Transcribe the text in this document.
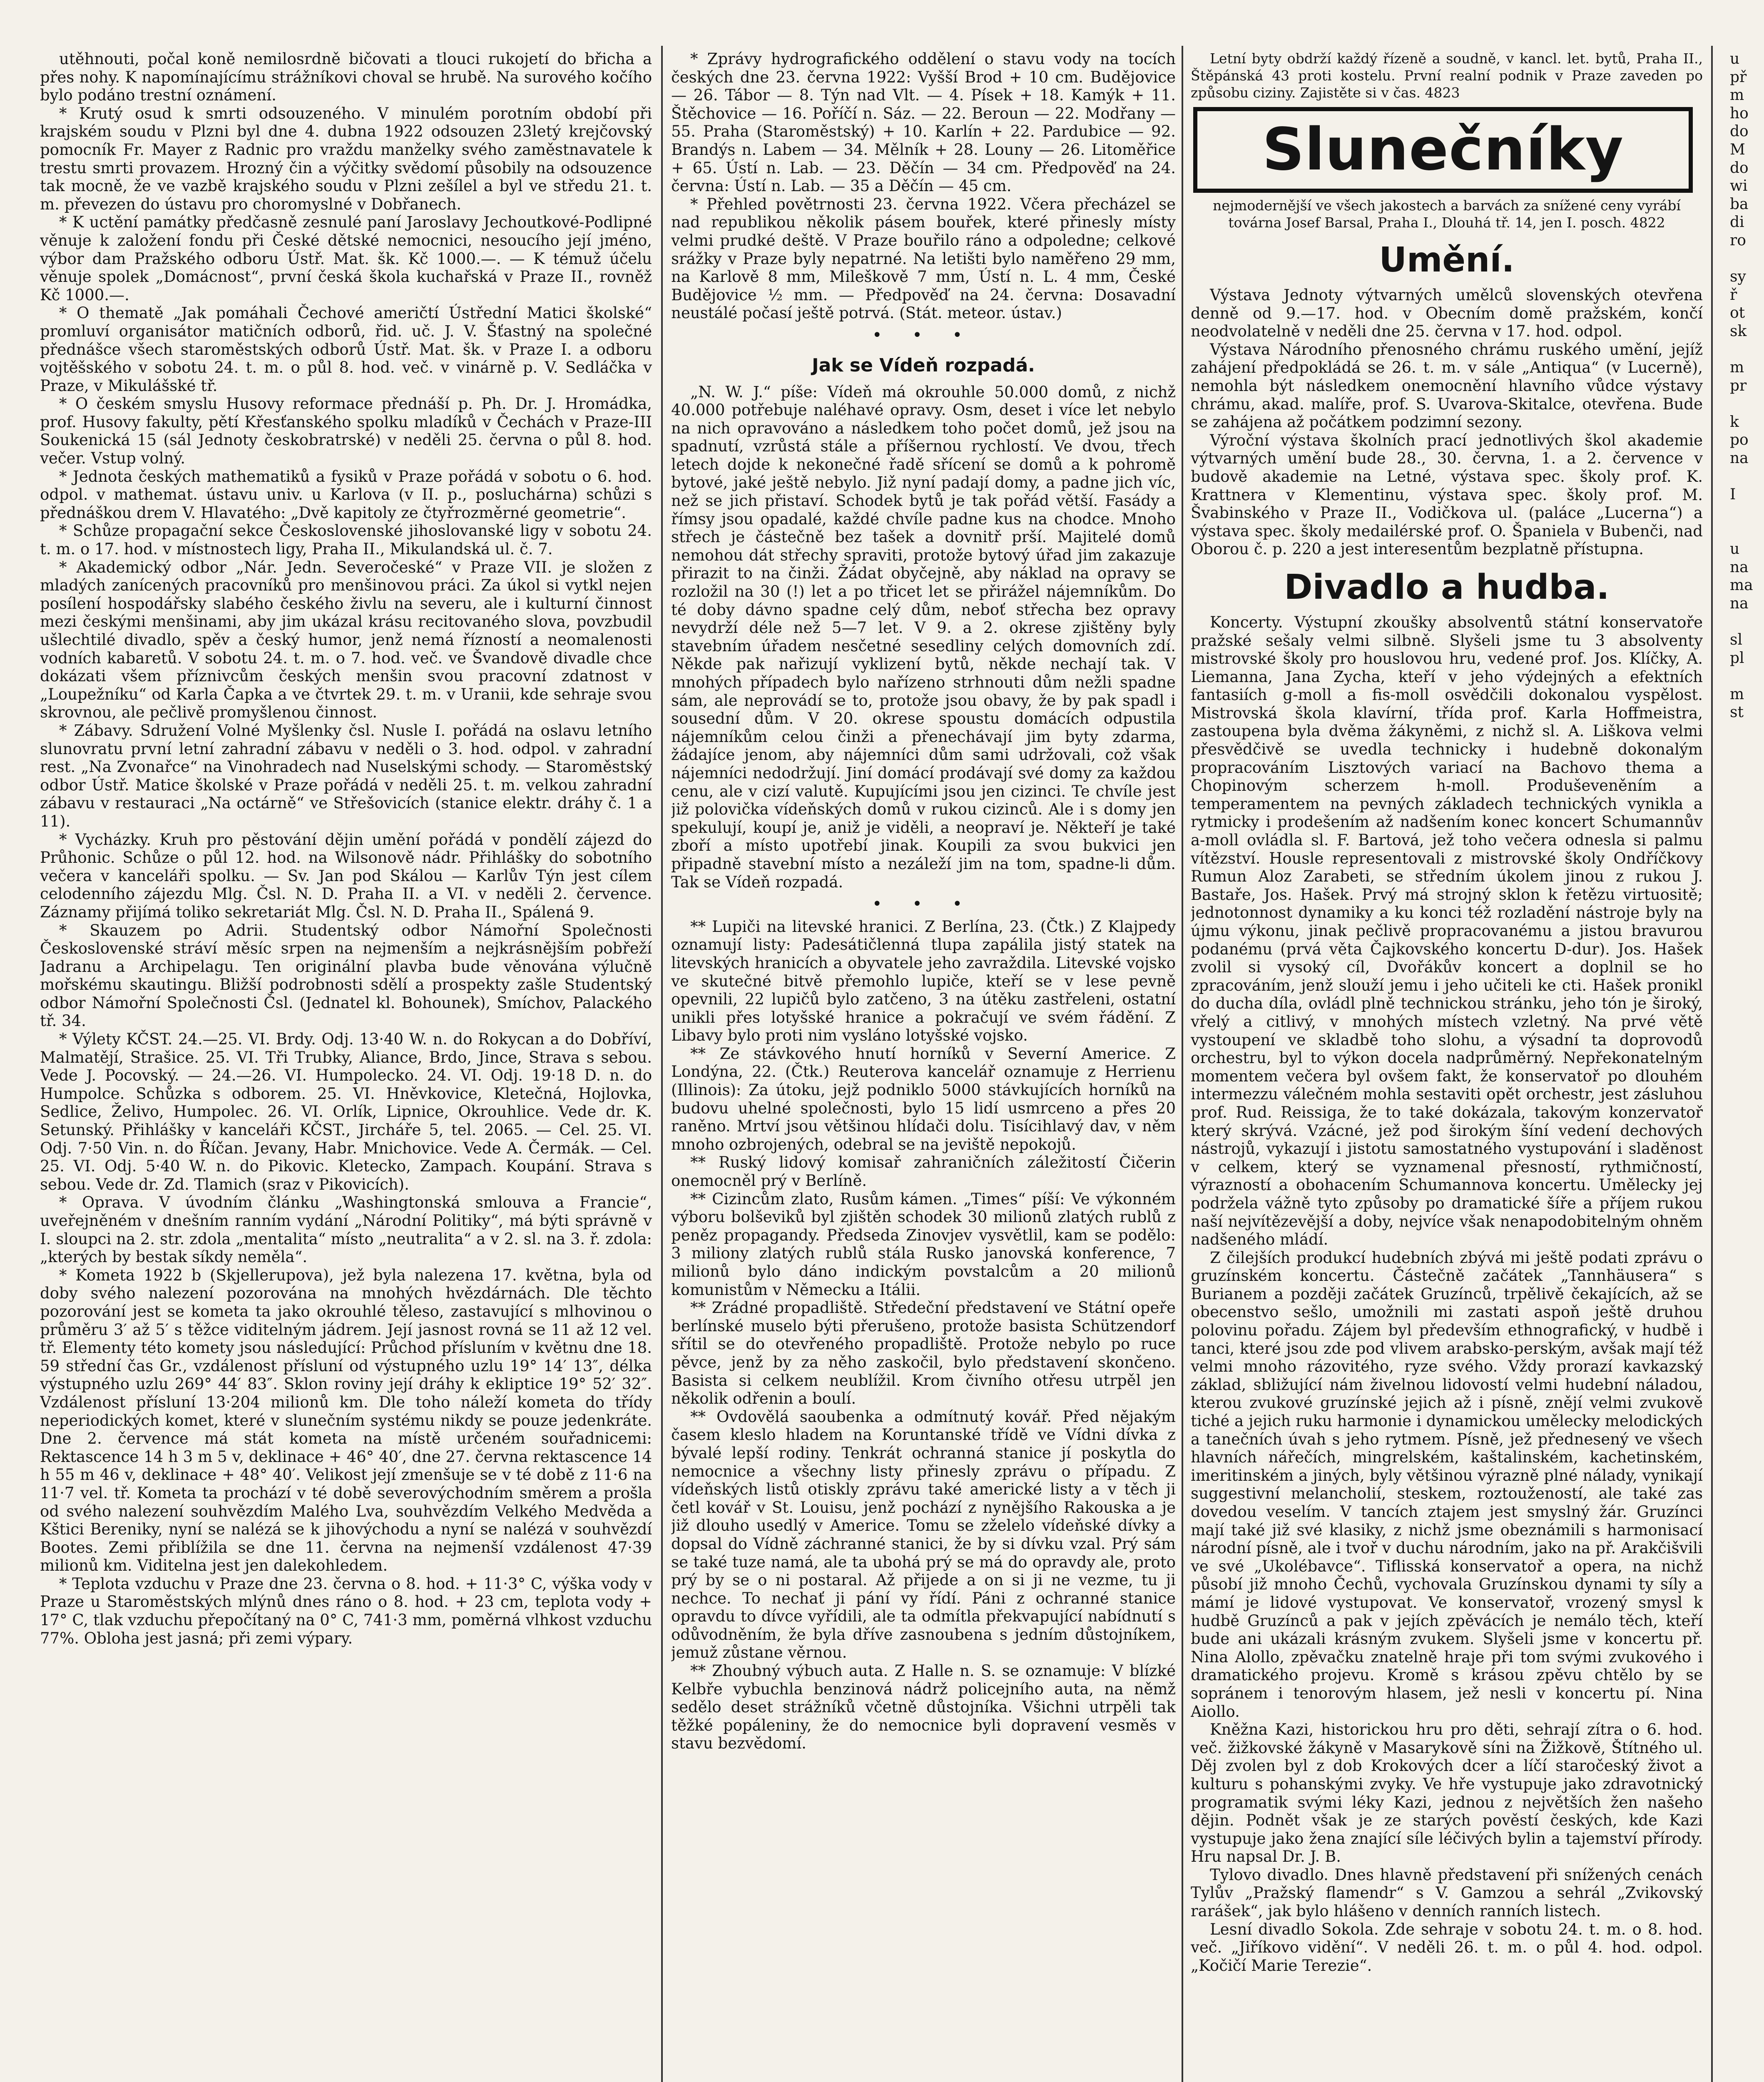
utěhnouti, počal koně nemilosrdně bičovati a tlouci rukojetí do břicha a přes nohy. K napomínajícímu strážníkovi choval se hrubě. Na surového kočího bylo podáno trestní oznámení.

* Krutý osud k smrti odsouzeného. V minulém porotním období při krajském soudu v Plzni byl dne 4. dubna 1922 odsouzen 23letý krejčovský pomocník Fr. Mayer z Radnic pro vraždu manželky svého zaměstnavatele k trestu smrti provazem. Hrozný čin a výčitky svědomí působily na odsouzence tak mocně, že ve vazbě krajského soudu v Plzni zešílel a byl ve středu 21. t. m. převezen do ústavu pro choromyslné v Dobřanech.

* K uctění památky předčasně zesnulé paní Jaroslavy Jechoutkové-Podlipné věnuje k založení fondu při České dětské nemocnici, nesoucího její jméno, výbor dam Pražského odboru Ústř. Mat. šk. Kč 1000.—. — K témuž účelu věnuje spolek „Domácnost“, první česká škola kuchařská v Praze II., rovněž Kč 1000.—.

* O thematě „Jak pomáhali Čechové američtí Ústřední Matici školské“ promluví organisátor matičních odborů, řid. uč. J. V. Šťastný na společné přednášce všech staroměstských odborů Ústř. Mat. šk. v Praze I. a odboru vojtěšského v sobotu 24. t. m. o půl 8. hod. več. v vinárně p. V. Sedláčka v Praze, v Mikulášské tř.

* O českém smyslu Husovy reformace přednáší p. Ph. Dr. J. Hromádka, prof. Husovy fakulty, pětí Křesťanského spolku mladíků v Čechách v Praze-III Soukenická 15 (sál Jednoty českobratrské) v neděli 25. června o půl 8. hod. večer. Vstup volný.

* Jednota českých mathematiků a fysiků v Praze pořádá v sobotu o 6. hod. odpol. v mathemat. ústavu univ. u Karlova (v II. p., posluchárna) schůzi s přednáškou drem V. Hlavatého: „Dvě kapitoly ze čtyřrozměrné geometrie“.

* Schůze propagační sekce Československé jihoslovanské ligy v sobotu 24. t. m. o 17. hod. v místnostech ligy, Praha II., Mikulandská ul. č. 7.

* Akademický odbor „Nár. Jedn. Severočeské“ v Praze VII. je složen z mladých zanícených pracovníků pro menšinovou práci. Za úkol si vytkl nejen posílení hospodářsky slabého českého živlu na severu, ale i kulturní činnost mezi českými menšinami, aby jim ukázal krásu recitovaného slova, povzbudil ušlechtilé divadlo, spěv a český humor, jenž nemá řízností a neomalenosti vodních kabaretů. V sobotu 24. t. m. o 7. hod. več. ve Švandově divadle chce dokázati všem příznivcům českých menšin svou pracovní zdatnost v „Loupežníku“ od Karla Čapka a ve čtvrtek 29. t. m. v Uranii, kde sehraje svou skrovnou, ale pečlivě promyšlenou činnost.

* Zábavy. Sdružení Volné Myšlenky čsl. Nusle I. pořádá na oslavu letního slunovratu první letní zahradní zábavu v neděli o 3. hod. odpol. v zahradní rest. „Na Zvonařce“ na Vinohradech nad Nuselskými schody. — Staroměstský odbor Ústř. Matice školské v Praze pořádá v neděli 25. t. m. velkou zahradní zábavu v restauraci „Na octárně“ ve Střešovicích (stanice elektr. dráhy č. 1 a 11).

* Vycházky. Kruh pro pěstování dějin umění pořádá v pondělí zájezd do Průhonic. Schůze o půl 12. hod. na Wilsonově nádr. Přihlášky do sobotního večera v kanceláři spolku. — Sv. Jan pod Skálou — Karlův Týn jest cílem celodenního zájezdu Mlg. Čsl. N. D. Praha II. a VI. v neděli 2. července. Záznamy přijímá toliko sekretariát Mlg. Čsl. N. D. Praha II., Spálená 9.

* Skauzem po Adrii. Studentský odbor Námořní Společnosti Československé stráví měsíc srpen na nejmenším a nejkrásnějším pobřeží Jadranu a Archipelagu. Ten originální plavba bude věnována výlučně mořskému skautingu. Bližší podrobnosti sdělí a prospekty zašle Studentský odbor Námořní Společnosti Čsl. (Jednatel kl. Bohounek), Smíchov, Palackého tř. 34.

* Výlety KČST. 24.—25. VI. Brdy. Odj. 13·40 W. n. do Rokycan a do Dobříví, Malmatějí, Strašice. 25. VI. Tři Trubky, Aliance, Brdo, Jince, Strava s sebou. Vede J. Pocovský. — 24.—26. VI. Humpolecko. 24. VI. Odj. 19·18 D. n. do Humpolce. Schůzka s odborem. 25. VI. Hněvkovice, Kletečná, Hojlovka, Sedlice, Želivo, Humpolec. 26. VI. Orlík, Lipnice, Okrouhlice. Vede dr. K. Setunský. Přihlášky v kanceláři KČST., Jircháře 5, tel. 2065. — Cel. 25. VI. Odj. 7·50 Vin. n. do Říčan. Jevany, Habr. Mnichovice. Vede A. Čermák. — Cel. 25. VI. Odj. 5·40 W. n. do Pikovic. Kletecko, Zampach. Koupání. Strava s sebou. Vede dr. Zd. Tlamich (sraz v Pikovicích).

* Oprava. V úvodním článku „Washingtonská smlouva a Francie“, uveřejněném v dnešním ranním vydání „Národní Politiky“, má býti správně v I. sloupci na 2. str. zdola „mentalita“ místo „neutralita“ a v 2. sl. na 3. ř. zdola: „kterých by bestak síkdy neměla“.

* Kometa 1922 b (Skjellerupova), jež byla nalezena 17. května, byla od doby svého nalezení pozorována na mnohých hvězdárnách. Dle těchto pozorování jest se kometa ta jako okrouhlé těleso, zastavující s mlhovinou o průměru 3′ až 5′ s těžce viditelným jádrem. Její jasnost rovná se 11 až 12 vel. tř. Elementy této komety jsou následující: Průchod přísluním v květnu dne 18. 59 střední čas Gr., vzdálenost přísluní od výstupného uzlu 19° 14′ 13″, délka výstupného uzlu 269° 44′ 83″. Sklon roviny její dráhy k ekliptice 19° 52′ 32″. Vzdálenost přísluní 13·204 milionů km. Dle toho náleží kometa do třídy neperiodických komet, které v slunečním systému nikdy se pouze jedenkráte. Dne 2. července má stát kometa na místě určeném souřadnicemi: Rektascence 14 h 3 m 5 v, deklinace + 46° 40′, dne 27. června rektascence 14 h 55 m 46 v, deklinace + 48° 40′. Velikost její zmenšuje se v té době z 11·6 na 11·7 vel. tř. Kometa ta prochází v té době severovýchodním směrem a prošla od svého nalezení souhvězdím Malého Lva, souhvězdím Velkého Medvěda a Kštici Bereniky, nyní se nalézá se k jihovýchodu a nyní se nalézá v souhvězdí Bootes. Zemi přiblížila se dne 11. června na nejmenší vzdálenost 47·39 milionů km. Viditelna jest jen dalekohledem.

* Teplota vzduchu v Praze dne 23. června o 8. hod. + 11·3° C, výška vody v Praze u Staroměstských mlýnů dnes ráno o 8. hod. + 23 cm, teplota vody + 17° C, tlak vzduchu přepočítaný na 0° C, 741·3 mm, poměrná vlhkost vzduchu 77%. Obloha jest jasná; při zemi výpary.

* Zprávy hydrografického oddělení o stavu vody na tocích českých dne 23. června 1922: Vyšší Brod + 10 cm. Budějovice — 26. Tábor — 8. Týn nad Vlt. — 4. Písek + 18. Kamýk + 11. Štěchovice — 16. Poříčí n. Sáz. — 22. Beroun — 22. Modřany — 55. Praha (Staroměstský) + 10. Karlín + 22. Pardubice — 92. Brandýs n. Labem — 34. Mělník + 28. Louny — 26. Litoměřice + 65. Ústí n. Lab. — 23. Děčín — 34 cm. Předpověď na 24. června: Ústí n. Lab. — 35 a Děčín — 45 cm.

* Přehled povětrnosti 23. června 1922. Včera přecházel se nad republikou několik pásem bouřek, které přinesly místy velmi prudké deště. V Praze bouřilo ráno a odpoledne; celkové srážky v Praze byly nepatrné. Na letišti bylo naměřeno 29 mm, na Karlově 8 mm, Mileškově 7 mm, Ústí n. L. 4 mm, České Budějovice ½ mm. — Předpověď na 24. června: Dosavadní neustálé počasí ještě potrvá. (Stát. meteor. ústav.)

• • •
Jak se Vídeň rozpadá.

„N. W. J.“ píše: Vídeň má okrouhle 50.000 domů, z nichž 40.000 potřebuje naléhavé opravy. Osm, deset i více let nebylo na nich opravováno a následkem toho počet domů, jež jsou na spadnutí, vzrůstá stále a příšernou rychlostí. Ve dvou, třech letech dojde k nekonečné řadě sřícení se domů a k pohromě bytové, jaké ještě nebylo. Již nyní padají domy, a padne jich víc, než se jich přistaví. Schodek bytů je tak pořád větší. Fasády a římsy jsou opadalé, každé chvíle padne kus na chodce. Mnoho střech je částečně bez tašek a dovnitř prší. Majitelé domů nemohou dát střechy spraviti, protože bytový úřad jim zakazuje přirazit to na činži. Žádat obyčejně, aby náklad na opravy se rozložil na 30 (!) let a po třicet let se přirážel nájemníkům. Do té doby dávno spadne celý dům, neboť střecha bez opravy nevydrží déle než 5—7 let. V 9. a 2. okrese zjištěny byly stavebním úřadem nesčetné sesedliny celých domovních zdí. Někde pak nařizují vyklizení bytů, někde nechají tak. V mnohých případech bylo nařízeno strhnouti dům nežli spadne sám, ale neprovádí se to, protože jsou obavy, že by pak spadl i sousední dům. V 20. okrese spoustu domácích odpustila nájemníkům celou činži a přenechávají jim byty zdarma, žádajíce jenom, aby nájemníci dům sami udržovali, což však nájemníci nedodržují. Jiní domácí prodávají své domy za každou cenu, ale v cizí valutě. Kupujícími jsou jen cizinci. Te chvíle jest již polovička vídeňských domů v rukou cizinců. Ale i s domy jen spekulují, koupí je, aniž je viděli, a neopraví je. Někteří je také zboří a místo upotřebí jinak. Koupili za svou bukvici jen připadně stavební místo a nezáleží jim na tom, spadne-li dům. Tak se Vídeň rozpadá.

• • •

** Lupiči na litevské hranici. Z Berlína, 23. (Čtk.) Z Klajpedy oznamují listy: Padesátičlenná tlupa zapálila jistý statek na litevských hranicích a obyvatele jeho zavraždila. Litevské vojsko ve skutečné bitvě přemohlo lupiče, kteří se v lese pevně opevnili, 22 lupičů bylo zatčeno, 3 na útěku zastřeleni, ostatní unikli přes lotyšské hranice a pokračují ve svém řádění. Z Libavy bylo proti nim vysláno lotyšské vojsko.

** Ze stávkového hnutí horníků v Severní Americe. Z Londýna, 22. (Čtk.) Reuterova kancelář oznamuje z Herrienu (Illinois): Za útoku, jejž podniklo 5000 stávkujících horníků na budovu uhelné společnosti, bylo 15 lidí usmrceno a přes 20 raněno. Mrtví jsou většinou hlídači dolu. Tisícihlavý dav, v něm mnoho ozbrojených, odebral se na jeviště nepokojů.

** Ruský lidový komisař zahraničních záležitostí Čičerin onemocněl prý v Berlíně.

** Cizincům zlato, Rusům kámen. „Times“ píší: Ve výkonném výboru bolševiků byl zjištěn schodek 30 milionů zlatých rublů z peněz propagandy. Předseda Zinovjev vysvětlil, kam se podělo: 3 miliony zlatých rublů stála Rusko janovská konference, 7 milionů bylo dáno indickým povstalcům a 20 milionů komunistům v Německu a Itálii.

** Zrádné propadliště. Středeční představení ve Státní opeře berlínské muselo býti přerušeno, protože basista Schützendorf sřítil se do otevřeného propadliště. Protože nebylo po ruce pěvce, jenž by za něho zaskočil, bylo představení skončeno. Basista si celkem neublížil. Krom čivního otřesu utrpěl jen několik odřenin a boulí.

** Ovdovělá saoubenka a odmítnutý kovář. Před nějakým časem kleslo hladem na Koruntanské třídě ve Vídni dívka z bývalé lepší rodiny. Tenkrát ochranná stanice jí poskytla do nemocnice a všechny listy přinesly zprávu o případu. Z vídeňských listů otiskly zprávu také americké listy a v těch ji četl kovář v St. Louisu, jenž pochází z nynějšího Rakouska a je již dlouho usedlý v Americe. Tomu se zželelo vídeňské dívky a dopsal do Vídně záchranné stanici, že by si dívku vzal. Prý sám se také tuze namá, ale ta ubohá prý se má do opravdy ale, proto prý by se o ni postaral. Až přijede a on si ji ne vezme, tu ji nechce. To nechať ji pání vy řídí. Páni z ochranné stanice opravdu to dívce vyřídili, ale ta odmítla překvapující nabídnutí s odůvodněním, že byla dříve zasnoubena s jedním důstojníkem, jemuž zůstane věrnou.

** Zhoubný výbuch auta. Z Halle n. S. se oznamuje: V blízké Kelbře vybuchla benzinová nádrž policejního auta, na němž sedělo deset strážníků včetně důstojníka. Všichni utrpěli tak těžké popáleniny, že do nemocnice byli dopravení vesměs v stavu bezvědomí.

Letní byty obdrží každý řízeně a soudně, v kancl. let. bytů, Praha II., Štěpánská 43 proti kostelu. První realní podnik v Praze zaveden po způsobu ciziny. Zajistěte si v čas. 4823

Slunečníky

nejmodernější ve všech jakostech a barvách za snížené ceny vyrábí továrna Josef Barsal, Praha I., Dlouhá tř. 14, jen I. posch. 4822

Umění.

Výstava Jednoty výtvarných umělců slovenských otevřena denně od 9.—17. hod. v Obecním domě pražském, končí neodvolatelně v neděli dne 25. června v 17. hod. odpol.

Výstava Národního přenosného chrámu ruského umění, jejíž zahájení předpokládá se 26. t. m. v sále „Antiqua“ (v Lucerně), nemohla být následkem onemocnění hlavního vůdce výstavy chrámu, akad. malíře, prof. S. Uvarova-Skitalce, otevřena. Bude se zahájena až počátkem podzimní sezony.

Výroční výstava školních prací jednotlivých škol akademie výtvarných umění bude 28., 30. června, 1. a 2. července v budově akademie na Letné, výstava spec. školy prof. K. Krattnera v Klementinu, výstava spec. školy prof. M. Švabinského v Praze II., Vodičkova ul. (paláce „Lucerna“) a výstava spec. školy medailérské prof. O. Španiela v Bubenči, nad Oborou č. p. 220 a jest interesentům bezplatně přístupna.

Divadlo a hudba.

Koncerty. Výstupní zkoušky absolventů státní konservatoře pražské sešaly velmi silbně. Slyšeli jsme tu 3 absolventy mistrovské školy pro houslovou hru, vedené prof. Jos. Klíčky, A. Liemanna, Jana Zycha, kteří v jeho výdejných a efektních fantasiích g-moll a fis-moll osvědčili dokonalou vyspělost. Mistrovská škola klavírní, třída prof. Karla Hoffmeistra, zastoupena byla dvěma žákyněmi, z nichž sl. A. Liškova velmi přesvědčivě se uvedla technicky i hudebně dokonalým propracováním Lisztových variací na Bachovo thema a Chopinovým scherzem h-moll. Produševeněním a temperamentem na pevných základech technických vynikla a rytmicky i prodešením až nadšením konec koncert Schumannův a-moll ovládla sl. F. Bartová, jež toho večera odnesla si palmu vítězství. Housle representovali z mistrovské školy Ondříčkovy Rumun Aloz Zarabeti, se středním úkolem jinou z rukou J. Bastaře, Jos. Hašek. Prvý má strojný sklon k řetězu virtuositě; jednotonnost dynamiky a ku konci též rozladění nástroje byly na újmu výkonu, jinak pečlivě propracovanému a jistou bravurou podanému (prvá věta Čajkovského koncertu D-dur). Jos. Hašek zvolil si vysoký cíl, Dvořákův koncert a doplnil se ho zpracováním, jenž slouží jemu i jeho učiteli ke cti. Hašek pronikl do ducha díla, ovládl plně technickou stránku, jeho tón je široký, vřelý a citlivý, v mnohých místech vzletný. Na prvé větě vystoupení ve skladbě toho slohu, a výsadní ta doprovodů orchestru, byl to výkon docela nadprůměrný. Nepřekonatelným momentem večera byl ovšem fakt, že konservatoř po dlouhém intermezzu válečném mohla sestaviti opět orchestr, jest zásluhou prof. Rud. Reissiga, že to také dokázala, takovým konzervatoř který skrývá. Vzácné, jež pod širokým šíní vedení dechových nástrojů, vykazují i jistotu samostatného vystupování i sladěnost v celkem, který se vyznamenal přesností, rythmičností, výrazností a obohacením Schumannova koncertu. Umělecky jej podržela vážně tyto způsoby po dramatické šíře a příjem rukou naší nejvítězevější a doby, nejvíce však nenapodobitelným ohněm nadšeného mládí.

Z čilejších produkcí hudebních zbývá mi ještě podati zprávu o gruzínském koncertu. Částečně začátek „Tannhäusera“ s Burianem a později začátek Gruzínců, trpělivě čekajících, až se obecenstvo sešlo, umožnili mi zastati aspoň ještě druhou polovinu pořadu. Zájem byl především ethnografický, v hudbě i tanci, které jsou zde pod vlivem arabsko-perským, avšak mají též velmi mnoho rázovitého, ryze svého. Vždy prorazí kavkazský základ, sbližující nám živelnou lidovostí velmi hudební náladou, kterou zvukové gruzínské jejich až i písně, znějí velmi zvukově tiché a jejich ruku harmonie i dynamickou umělecky melodických a tanečních úvah s jeho rytmem. Písně, jež přednesený ve všech hlavních nářečích, mingrelském, kaštalinském, kachetinském, imeritinském a jiných, byly většinou výrazně plné nálady, vynikají suggestivní melancholií, steskem, roztoužeností, ale také zas dovedou veselím. V tancích ztajem jest smyslný žár. Gruzínci mají také již své klasiky, z nichž jsme obeznámili s harmonisací národní písně, ale i tvoř v duchu národním, jako na př. Arakčišvili ve své „Ukolébavce“. Tiflisská konservatoř a opera, na nichž působí již mnoho Čechů, vychovala Gruzínskou dynami ty síly a mámí je lidové vystupovat. Ve konservatoř, vrozený smysl k hudbě Gruzínců a pak v jejích zpěvácích je nemálo těch, kteří bude ani ukázali krásným zvukem. Slyšeli jsme v koncertu př. Nina Alollo, zpěvačku znatelně hraje při tom svými zvukového i dramatického projevu. Kromě s krásou zpěvu chtělo by se sopránem i tenorovým hlasem, jež nesli v koncertu pí. Nina Aiollo.

Kněžna Kazi, historickou hru pro děti, sehrají zítra o 6. hod. več. žižkovské žákyně v Masarykově síni na Žižkově, Štítného ul. Děj zvolen byl z dob Krokových dcer a líčí staročeský život a kulturu s pohanskými zvyky. Ve hře vystupuje jako zdravotnický programatik svými léky Kazi, jednou z největších žen našeho dějin. Podnět však je ze starých pověstí českých, kde Kazi vystupuje jako žena znající síle léčivých bylin a tajemství přírody. Hru napsal Dr. J. B.

Tylovo divadlo. Dnes hlavně představení při snížených cenách Tylův „Pražský flamendr“ s V. Gamzou a sehrál „Zvikovský rarášek“, jak bylo hlášeno v denních ranních listech.

Lesní divadlo Sokola. Zde sehraje v sobotu 24. t. m. o 8. hod. več. „Jiříkovo vidění“. V neděli 26. t. m. o půl 4. hod. odpol. „Kočičí Marie Terezie“.

u

př

m

ho

do

M

do

wi

ba

di

ro

sy

ř

ot

sk

m

pr

k

po

na

I

u

na

ma

na

sl

pl

m

st
